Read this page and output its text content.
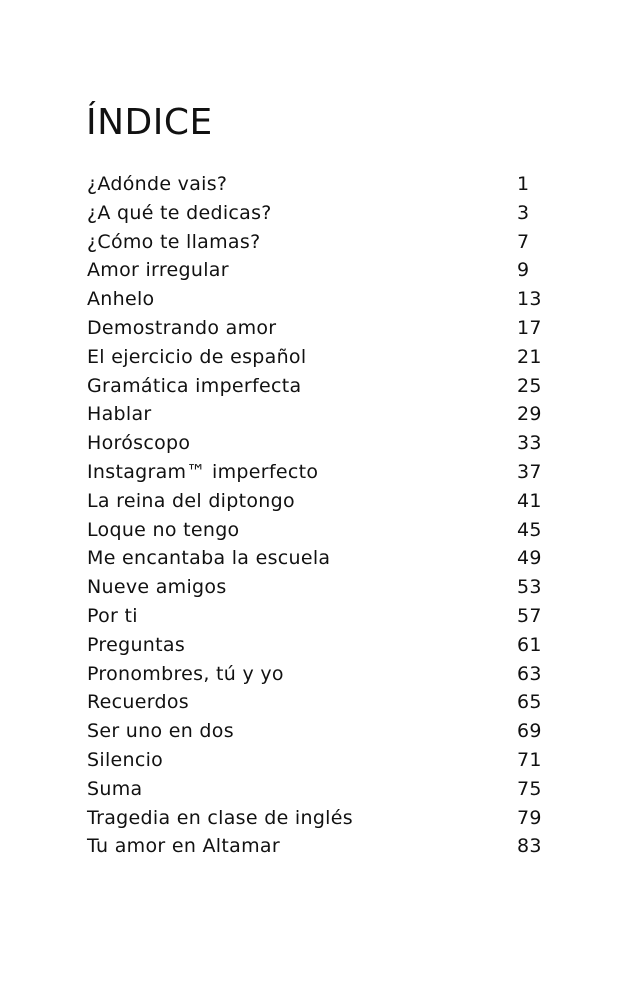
ÍNDICE
¿Adónde vais?	1
¿A qué te dedicas?	3
¿Cómo te llamas?	7
Amor irregular	9
Anhelo	13
Demostrando amor	17
El ejercicio de español	21
Gramática imperfecta	25
Hablar	29
Horóscopo	33
Instagram™ imperfecto	37
La reina del diptongo	41
Loque no tengo	45
Me encantaba la escuela	49
Nueve amigos	53
Por ti	57
Preguntas	61
Pronombres, tú y yo	63
Recuerdos	65
Ser uno en dos	69
Silencio	71
Suma	75
Tragedia en clase de inglés	79
Tu amor en Altamar	83
